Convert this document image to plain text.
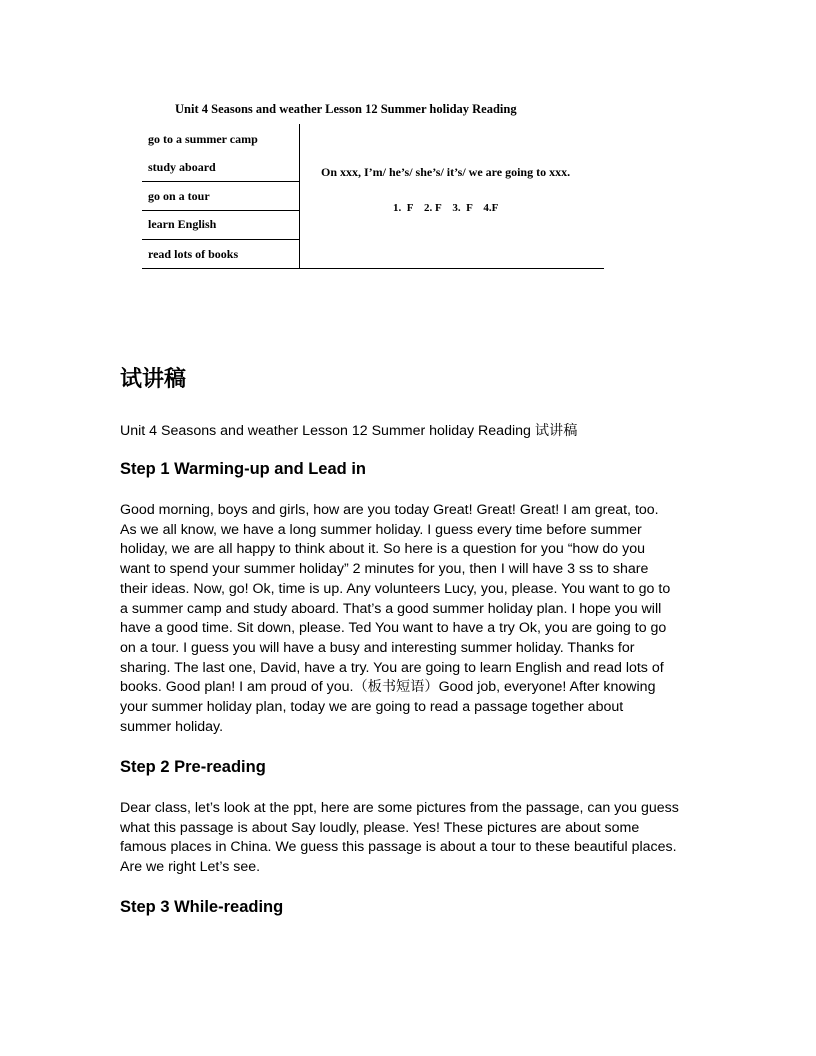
Unit 4 Seasons and weather Lesson 12 Summer holiday Reading
go to a summer camp
study aboard
go on a tour
learn English
read lots of books
On xxx, I’m/ he’s/ she’s/ it’s/ we are going to xxx.
1.  F    2. F    3.  F    4.F
试讲稿
Unit 4 Seasons and weather Lesson 12 Summer holiday Reading 试讲稿
Step 1 Warming-up and Lead in
Good morning, boys and girls, how are you today Great! Great! Great! I am great, too.
As we all know, we have a long summer holiday. I guess every time before summer
holiday, we are all happy to think about it. So here is a question for you “how do you
want to spend your summer holiday” 2 minutes for you, then I will have 3 ss to share
their ideas. Now, go! Ok, time is up. Any volunteers Lucy, you, please. You want to go to
a summer camp and study aboard. That’s a good summer holiday plan. I hope you will
have a good time. Sit down, please. Ted You want to have a try Ok, you are going to go
on a tour. I guess you will have a busy and interesting summer holiday. Thanks for
sharing. The last one, David, have a try. You are going to learn English and read lots of
books. Good plan! I am proud of you.（板书短语）Good job, everyone! After knowing
your summer holiday plan, today we are going to read a passage together about
summer holiday.
Step 2 Pre-reading
Dear class, let’s look at the ppt, here are some pictures from the passage, can you guess
what this passage is about Say loudly, please. Yes! These pictures are about some
famous places in China. We guess this passage is about a tour to these beautiful places.
Are we right Let’s see.
Step 3 While-reading
